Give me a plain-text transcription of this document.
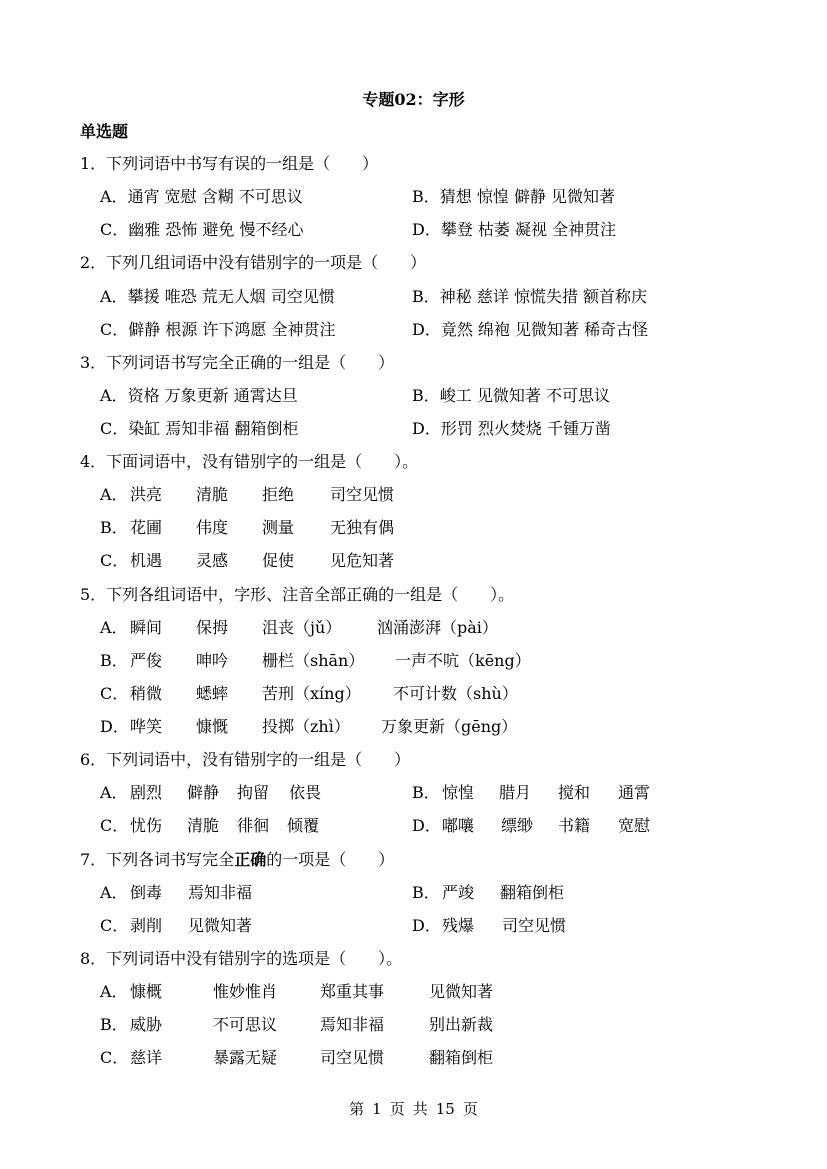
专题02：字形
单选题
1．下列词语中书写有误的一组是（　　）
A．通宵 宽慰 含糊 不可思议	B．猜想 惊惶 僻静 见微知著
C．幽雅 恐怖 避免 慢不经心	D．攀登 枯萎 凝视 全神贯注
2．下列几组词语中没有错别字的一项是（　　）
A．攀援 唯恐 荒无人烟 司空见惯	B．神秘 慈详 惊慌失措 额首称庆
C．僻静 根源 许下鸿愿 全神贯注	D．竟然 绵袍 见微知著 稀奇古怪
3．下列词语书写完全正确的一组是（　　）
A．资格 万象更新 通霄达旦	B．峻工 见微知著 不可思议
C．染缸 焉知非福 翻箱倒柜	D．形罚 烈火焚烧 千锺万凿
4．下面词语中，没有错别字的一组是（　　）。
A． 洪亮 清脆 拒绝 司空见惯
B． 花圃 伟度 测量 无独有偶
C． 机遇 灵感 促使 见危知著
5．下列各组词语中，字形、注音全部正确的一组是（　　）。
A． 瞬间 保拇 沮丧（jǔ） 汹涌澎湃（pài）
B． 严俊 呻吟 栅栏（shān） 一声不吭（kēng）
C． 稍微 蟋蟀 苦刑（xíng） 不可计数（shù）
D． 哗笑 慷慨 投掷（zhì） 万象更新（gēng）
6．下列词语中，没有错别字的一组是（　　）
A． 剧烈 僻静 拘留 依畏	B． 惊惶 腊月 搅和 通霄
C． 忧伤 清脆 徘徊 倾覆	D． 嘟嚷 缥缈 书籍 宽慰
7．下列各词书写完全正确的一项是（　　）
A． 倒毒 焉知非福	B． 严竣 翻箱倒柜
C． 剥削 见微知著	D． 残爆 司空见惯
8．下列词语中没有错别字的选项是（　　）。
A． 慷概	惟妙惟肖	郑重其事	见微知著
B． 威胁	不可思议	焉知非福	别出新裁
C． 慈详	暴露无疑	司空见惯	翻箱倒柜
第 1 页 共 15 页
